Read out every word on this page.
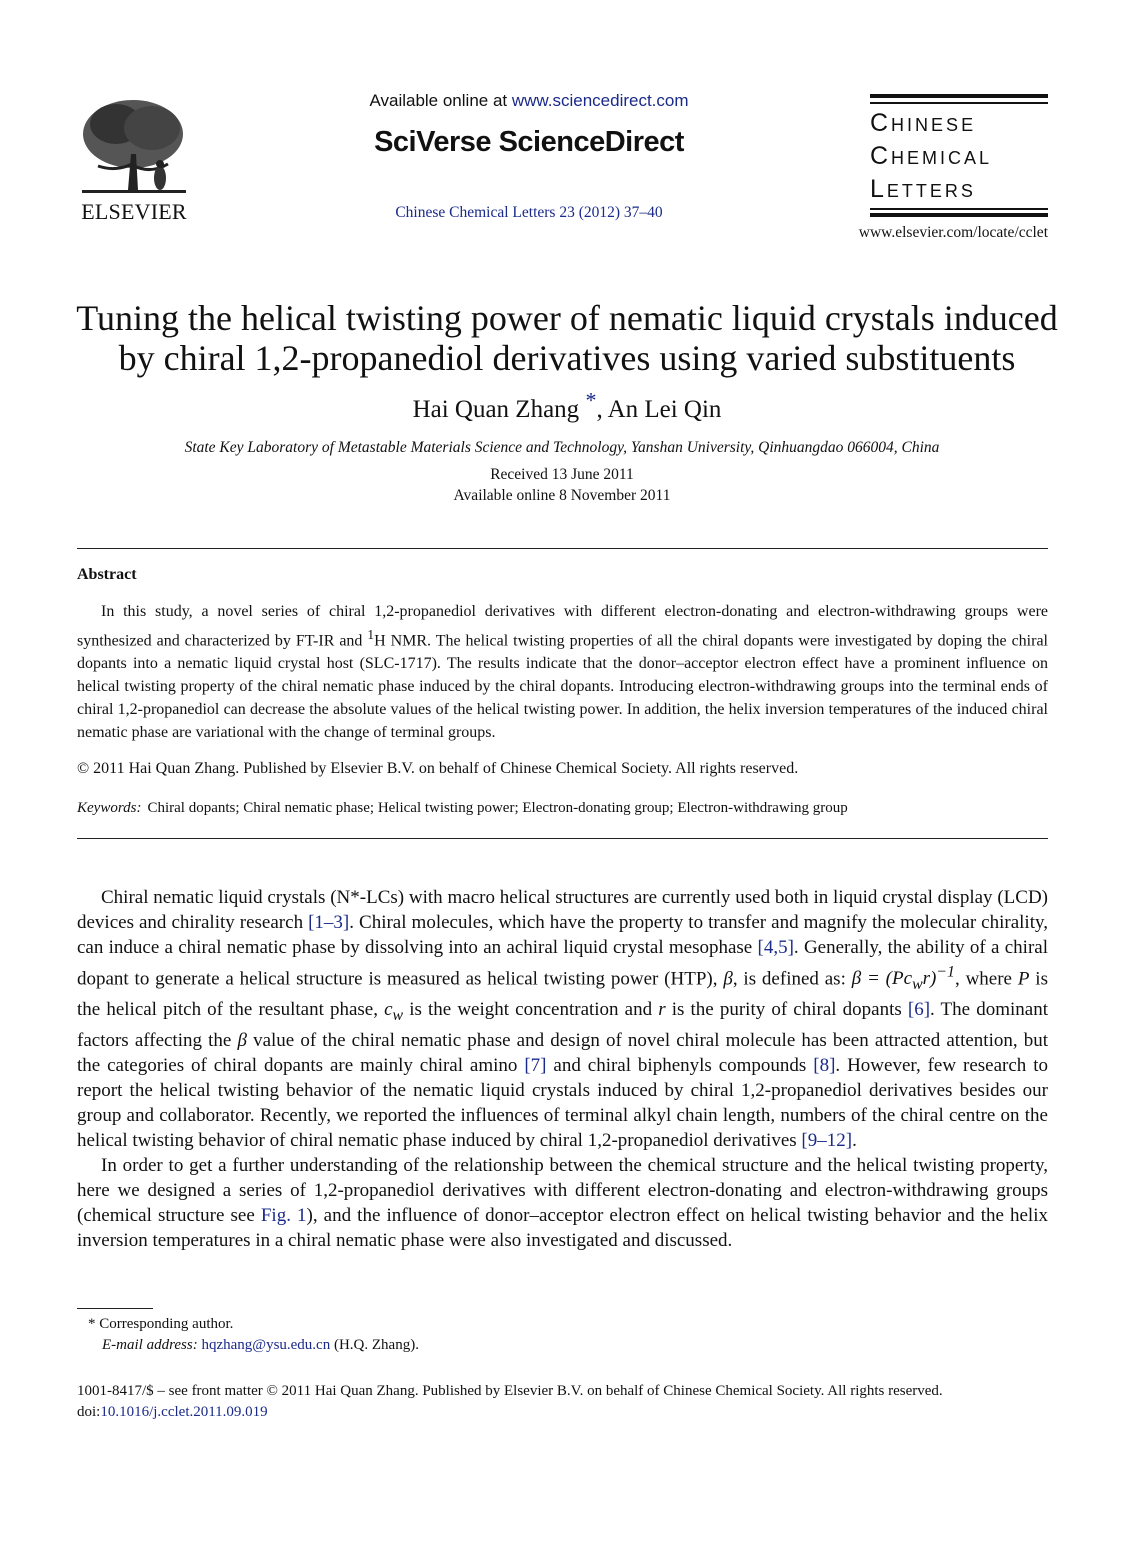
ELSEVIER
Available online at www.sciencedirect.com
SciVerse ScienceDirect
Chinese Chemical Letters 23 (2012) 37–40
Chinese
Chemical
Letters
www.elsevier.com/locate/cclet
Tuning the helical twisting power of nematic liquid crystals induced
by chiral 1,2-propanediol derivatives using varied substituents
Hai Quan Zhang *, An Lei Qin
State Key Laboratory of Metastable Materials Science and Technology, Yanshan University, Qinhuangdao 066004, China
Received 13 June 2011
Available online 8 November 2011
Abstract

In this study, a novel series of chiral 1,2-propanediol derivatives with different electron-donating and electron-withdrawing groups were synthesized and characterized by FT-IR and $^1$H NMR. The helical twisting properties of all the chiral dopants were investigated by doping the chiral dopants into a nematic liquid crystal host (SLC-1717). The results indicate that the donor–acceptor electron effect have a prominent influence on helical twisting property of the chiral nematic phase induced by the chiral dopants. Introducing electron-withdrawing groups into the terminal ends of chiral 1,2-propanediol can decrease the absolute values of the helical twisting power. In addition, the helix inversion temperatures of the induced chiral nematic phase are variational with the change of terminal groups.

© 2011 Hai Quan Zhang. Published by Elsevier B.V. on behalf of Chinese Chemical Society. All rights reserved.
Keywords: Chiral dopants; Chiral nematic phase; Helical twisting power; Electron-donating group; Electron-withdrawing group

Chiral nematic liquid crystals (N*-LCs) with macro helical structures are currently used both in liquid crystal display (LCD) devices and chirality research [1–3]. Chiral molecules, which have the property to transfer and magnify the molecular chirality, can induce a chiral nematic phase by dissolving into an achiral liquid crystal mesophase [4,5]. Generally, the ability of a chiral dopant to generate a helical structure is measured as helical twisting power (HTP), β, is defined as: $\beta = (Pc_wr)^{-1}$, where P is the helical pitch of the resultant phase, $c_w$ is the weight concentration and r is the purity of chiral dopants [6]. The dominant factors affecting the β value of the chiral nematic phase and design of novel chiral molecule has been attracted attention, but the categories of chiral dopants are mainly chiral amino [7] and chiral biphenyls compounds [8]. However, few research to report the helical twisting behavior of the nematic liquid crystals induced by chiral 1,2-propanediol derivatives besides our group and collaborator. Recently, we reported the influences of terminal alkyl chain length, numbers of the chiral centre on the helical twisting behavior of chiral nematic phase induced by chiral 1,2-propanediol derivatives [9–12].

In order to get a further understanding of the relationship between the chemical structure and the helical twisting property, here we designed a series of 1,2-propanediol derivatives with different electron-donating and electron-withdrawing groups (chemical structure see Fig. 1), and the influence of donor–acceptor electron effect on helical twisting behavior and the helix inversion temperatures in a chiral nematic phase were also investigated and discussed.

* Corresponding author.
E-mail address: hqzhang@ysu.edu.cn (H.Q. Zhang).
1001-8417/$ – see front matter © 2011 Hai Quan Zhang. Published by Elsevier B.V. on behalf of Chinese Chemical Society. All rights reserved.
doi:10.1016/j.cclet.2011.09.019
